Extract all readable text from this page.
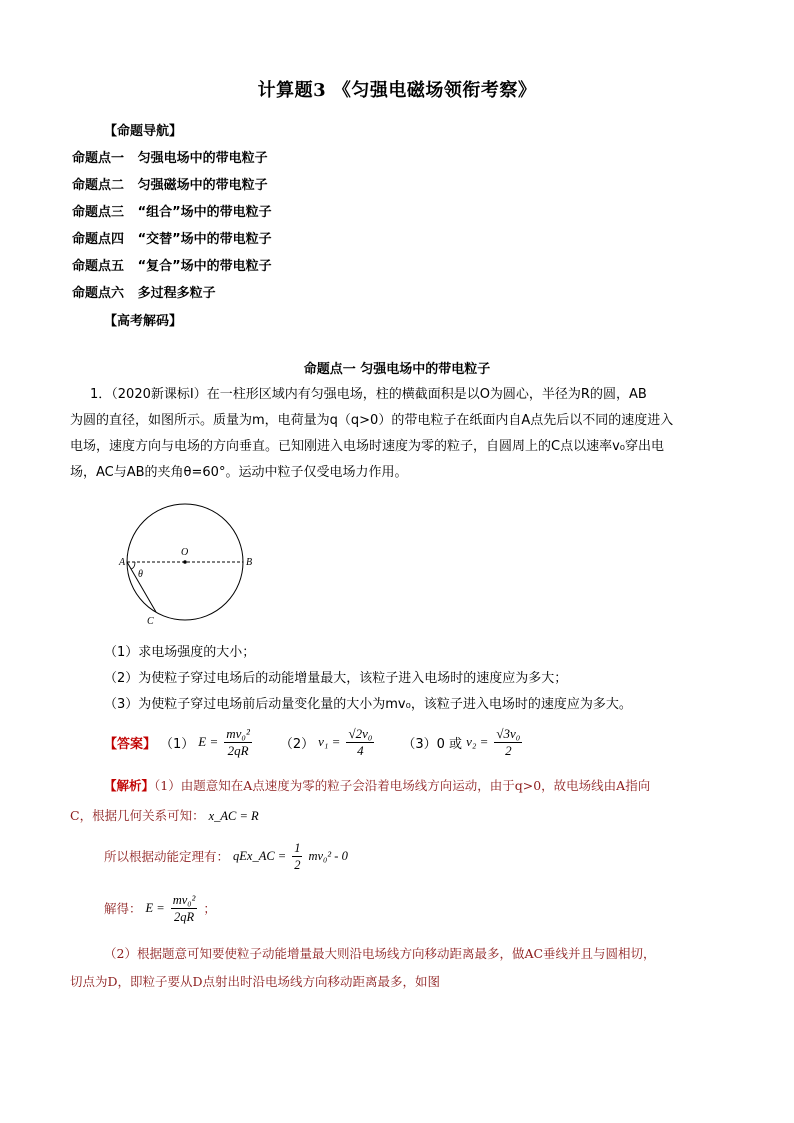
计算题3 《匀强电磁场领衔考察》
【命题导航】
命题点一 匀强电场中的带电粒子
命题点二 匀强磁场中的带电粒子
命题点三 “组合”场中的带电粒子
命题点四 “交替”场中的带电粒子
命题点五 “复合”场中的带电粒子
命题点六 多过程多粒子
【高考解码】
命题点一 匀强电场中的带电粒子
1．（2020新课标Ⅰ）在一柱形区域内有匀强电场，柱的横截面积是以O为圆心，半径为R的圆，AB
为圆的直径，如图所示。质量为m，电荷量为q（q>0）的带电粒子在纸面内自A点先后以不同的速度进入
电场，速度方向与电场的方向垂直。已知刚进入电场时速度为零的粒子，自圆周上的C点以速率v₀穿出电
场，AC与AB的夹角θ=60°。运动中粒子仅受电场力作用。
A	B
O
C
θ
（1）求电场强度的大小；
（2）为使粒子穿过电场后的动能增量最大，该粒子进入电场时的速度应为多大；
（3）为使粒子穿过电场前后动量变化量的大小为mv₀，该粒子进入电场时的速度应为多大。
【答案】 （1） $E = \frac{\text{mv₀²}}{2qR} (2) v_1 = \frac{\text{√2v₀}}{4} (3)0$ 或 $v_2 = \frac{\text{√3v₀}}{2}$
【解析】（1）由题意知在A点速度为零的粒子会沿着电场线方向运动，由于q>0，故电场线由A指向
C，根据几何关系可知： x_AC = R
所以根据动能定理有： qEx_AC = $\frac{1}{2} mv_0^2 - 0$
解得： $E = \frac{\text{mv₀²}}{2qR}$ ；
（2）根据题意可知要使粒子动能增量最大则沿电场线方向移动距离最多，做AC垂线并且与圆相切，
切点为D，即粒子要从D点射出时沿电场线方向移动距离最多，如图
